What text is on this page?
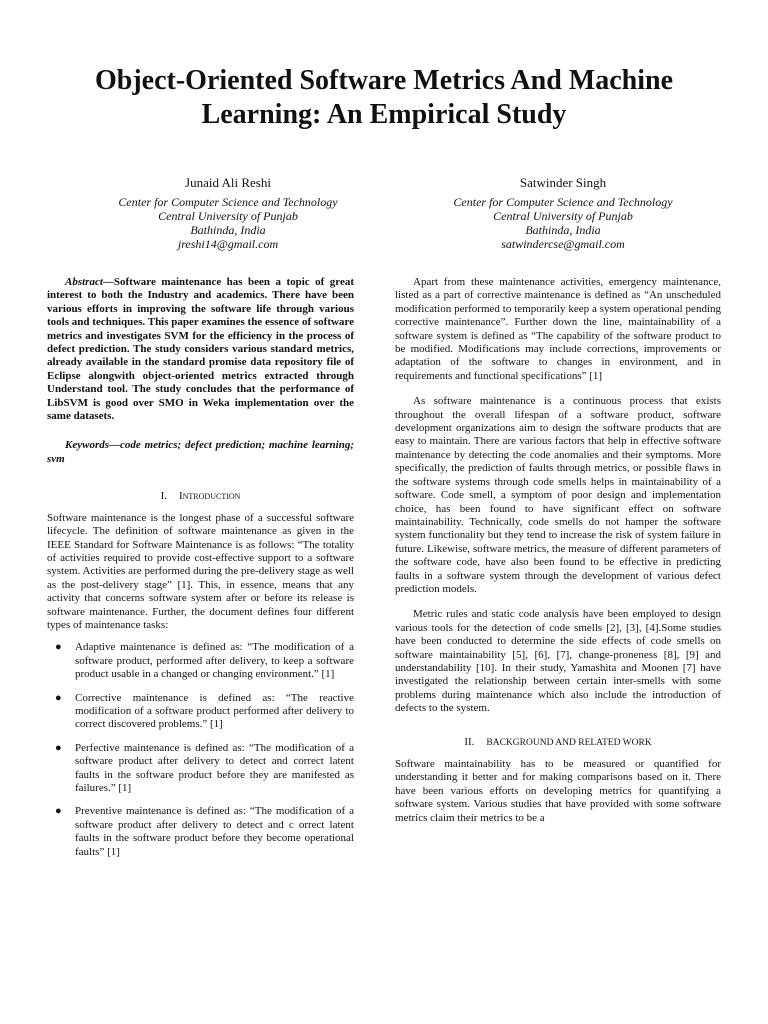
Object-Oriented Software Metrics And Machine Learning: An Empirical Study
Junaid Ali Reshi
Center for Computer Science and Technology
Central University of Punjab
Bathinda, India
jreshi14@gmail.com
Satwinder Singh
Center for Computer Science and Technology
Central University of Punjab
Bathinda, India
satwindercse@gmail.com

Abstract—Software maintenance has been a topic of great interest to both the Industry and academics. There have been various efforts in improving the software life through various tools and techniques. This paper examines the essence of software metrics and investigates SVM for the efficiency in the process of defect prediction. The study considers various standard metrics, already available in the standard promise data repository file of Eclipse alongwith object-oriented metrics extracted through Understand tool. The study concludes that the performance of LibSVM is good over SMO in Weka implementation over the same datasets.

Keywords—code metrics; defect prediction; machine learning; svm

I. Introduction

Software maintenance is the longest phase of a successful software lifecycle. The definition of software maintenance as given in the IEEE Standard for Software Maintenance is as follows: “The totality of activities required to provide cost-effective support to a software system. Activities are performed during the pre-delivery stage as well as the post-delivery stage” [1]. This, in essence, means that any activity that concerns software system after or before its release is software maintenance. Further, the document defines four different types of maintenance tasks:

● Adaptive maintenance is defined as: “The modification of a software product, performed after delivery, to keep a software product usable in a changed or changing environment.” [1]
● Corrective maintenance is defined as: “The reactive modification of a software product performed after delivery to correct discovered problems.” [1]
● Perfective maintenance is defined as: “The modification of a software product after delivery to detect and correct latent faults in the software product before they are manifested as failures.” [1]
● Preventive maintenance is defined as: “The modification of a software product after delivery to detect and c orrect latent faults in the software product before they become operational faults” [1]

Apart from these maintenance activities, emergency maintenance, listed as a part of corrective maintenance is defined as “An unscheduled modification performed to temporarily keep a system operational pending corrective maintenance”. Further down the line, maintainability of a software system is defined as “The capability of the software product to be modified. Modifications may include corrections, improvements or adaptation of the software to changes in environment, and in requirements and functional specifications” [1]

As software maintenance is a continuous process that exists throughout the overall lifespan of a software product, software development organizations aim to design the software products that are easy to maintain. There are various factors that help in effective software maintenance by detecting the code anomalies and their symptoms. More specifically, the prediction of faults through metrics, or possible flaws in the software systems through code smells helps in maintainability of a software. Code smell, a symptom of poor design and implementation choice, has been found to have significant effect on software maintainability. Technically, code smells do not hamper the software system functionality but they tend to increase the risk of system failure in future. Likewise, software metrics, the measure of different parameters of the software code, have also been found to be effective in predicting faults in a software system through the development of various defect prediction models.

Metric rules and static code analysis have been employed to design various tools for the detection of code smells [2], [3], [4].Some studies have been conducted to determine the side effects of code smells on software maintainability [5], [6], [7], change-proneness [8], [9] and understandability [10]. In their study, Yamashita and Moonen [7] have investigated the relationship between certain inter-smells with some problems during maintenance which also include the introduction of defects to the system.

II. BACKGROUND AND RELATED WORK

Software maintainability has to be measured or quantified for understanding it better and for making comparisons based on it. There have been various efforts on developing metrics for quantifying a software system. Various studies that have provided with some software metrics claim their metrics to be a
